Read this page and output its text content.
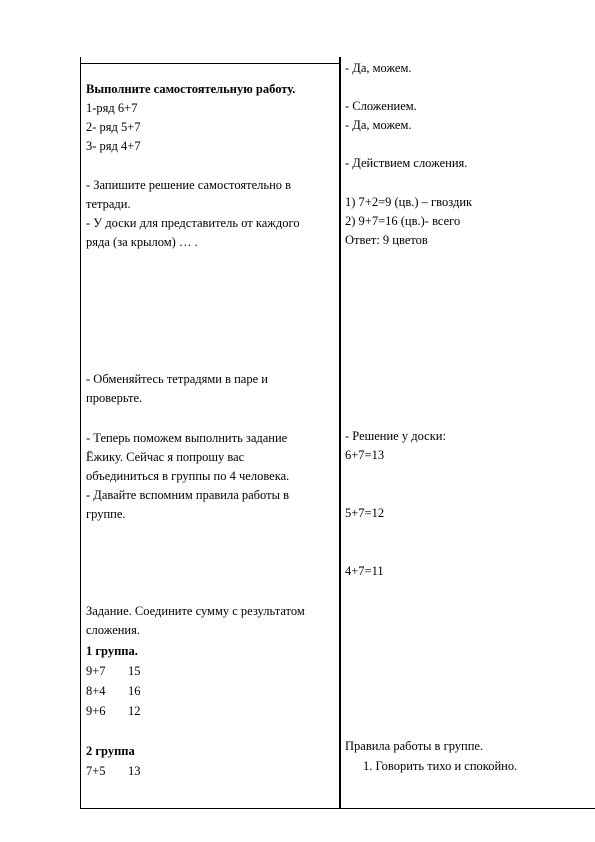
Выполните самостоятельную работу.
1-ряд 6+7
2- ряд 5+7
3- ряд 4+7
- Запишите решение самостоятельно в
тетради.
- У доски для представитель от каждого
ряда (за крылом) … .
- Обменяйтесь тетрадями в паре и
проверьте.
- Теперь поможем выполнить задание
Ёжику. Сейчас я попрошу вас
объединиться в группы по 4 человека.
- Давайте вспомним правила работы в
группе.
Задание. Соедините сумму с результатом
сложения.
1 группа.
9+7 15
8+4 16
9+6 12
2 группа
7+5 13
- Да, можем.
- Сложением.
- Да, можем.
- Действием сложения.
1) 7+2=9 (цв.) – гвоздик
2) 9+7=16 (цв.)- всего
Ответ: 9 цветов
- Решение у доски:
6+7=13
5+7=12
4+7=11
Правила работы в группе.
1. Говорить тихо и спокойно.
